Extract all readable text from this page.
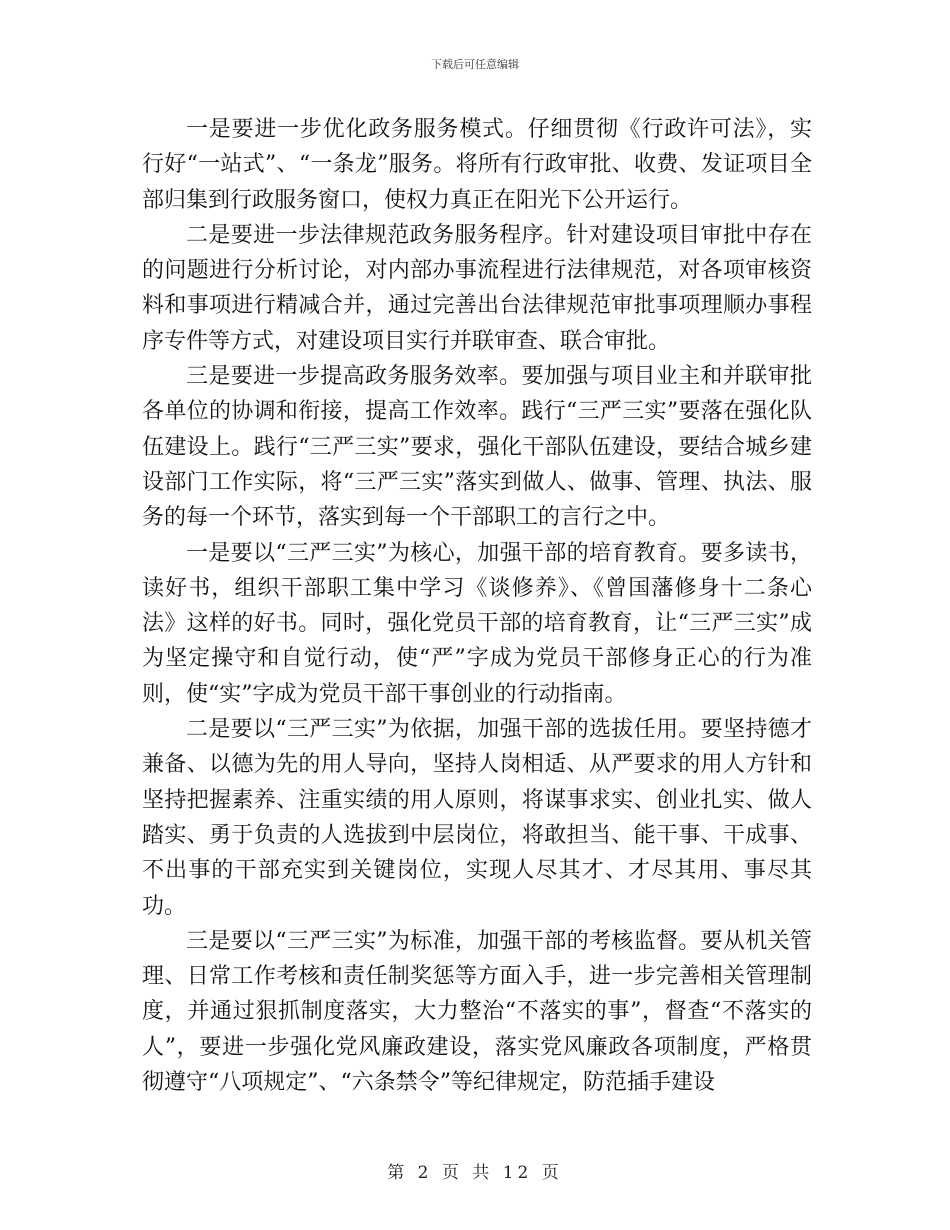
下载后可任意编辑

一是要进一步优化政务服务模式。仔细贯彻《行政许可法》，实行好“一站式”、“一条龙”服务。将所有行政审批、收费、发证项目全部归集到行政服务窗口，使权力真正在阳光下公开运行。

二是要进一步法律规范政务服务程序。针对建设项目审批中存在的问题进行分析讨论，对内部办事流程进行法律规范，对各项审核资料和事项进行精减合并，通过完善出台法律规范审批事项理顺办事程序专件等方式，对建设项目实行并联审查、联合审批。

三是要进一步提高政务服务效率。要加强与项目业主和并联审批各单位的协调和衔接，提高工作效率。践行“三严三实”要落在强化队伍建设上。践行“三严三实”要求，强化干部队伍建设，要结合城乡建设部门工作实际，将“三严三实”落实到做人、做事、管理、执法、服务的每一个环节，落实到每一个干部职工的言行之中。

一是要以“三严三实”为核心，加强干部的培育教育。要多读书，读好书，组织干部职工集中学习《谈修养》、《曾国藩修身十二条心法》这样的好书。同时，强化党员干部的培育教育，让“三严三实”成为坚定操守和自觉行动，使“严”字成为党员干部修身正心的行为准则，使“实”字成为党员干部干事创业的行动指南。

二是要以“三严三实”为依据，加强干部的选拔任用。要坚持德才兼备、以德为先的用人导向，坚持人岗相适、从严要求的用人方针和坚持把握素养、注重实绩的用人原则，将谋事求实、创业扎实、做人踏实、勇于负责的人选拔到中层岗位，将敢担当、能干事、干成事、不出事的干部充实到关键岗位，实现人尽其才、才尽其用、事尽其功。

三是要以“三严三实”为标准，加强干部的考核监督。要从机关管理、日常工作考核和责任制奖惩等方面入手，进一步完善相关管理制度，并通过狠抓制度落实，大力整治“不落实的事”，督查“不落实的人”，要进一步强化党风廉政建设，落实党风廉政各项制度，严格贯彻遵守“八项规定”、“六条禁令”等纪律规定，防范插手建设

第 2 页 共 12 页
